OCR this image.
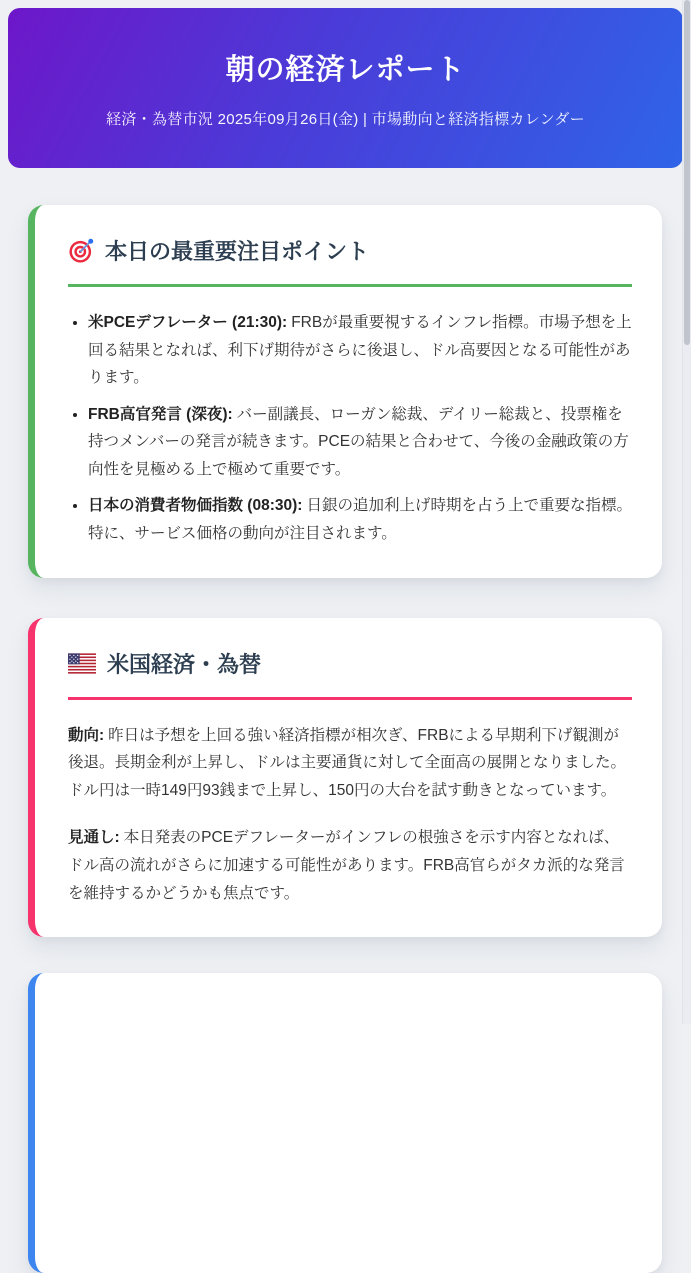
朝の経済レポート
経済・為替市況 2025年09月26日(金) | 市場動向と経済指標カレンダー
本日の最重要注目ポイント
• 米PCEデフレーター (21:30): FRBが最重要視するインフレ指標。市場予想を上回る結果となれば、利下げ期待がさらに後退し、ドル高要因となる可能性があります。
• FRB高官発言 (深夜): バー副議長、ローガン総裁、デイリー総裁と、投票権を持つメンバーの発言が続きます。PCEの結果と合わせて、今後の金融政策の方向性を見極める上で極めて重要です。
• 日本の消費者物価指数 (08:30): 日銀の追加利上げ時期を占う上で重要な指標。特に、サービス価格の動向が注目されます。
米国経済・為替

動向: 昨日は予想を上回る強い経済指標が相次ぎ、FRBによる早期利下げ観測が後退。長期金利が上昇し、ドルは主要通貨に対して全面高の展開となりました。ドル円は一時149円93銭まで上昇し、150円の大台を試す動きとなっています。

見通し: 本日発表のPCEデフレーターがインフレの根強さを示す内容となれば、ドル高の流れがさらに加速する可能性があります。FRB高官らがタカ派的な発言を維持するかどうかも焦点です。
